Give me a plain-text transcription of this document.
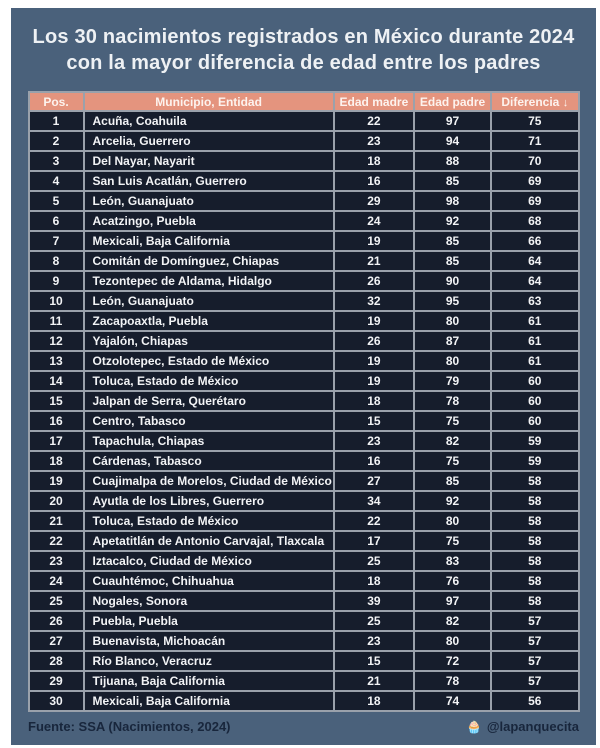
Los 30 nacimientos registrados en México durante 2024
con la mayor diferencia de edad entre los padres
Pos.	Municipio, Entidad	Edad madre	Edad padre	Diferencia ↓
1	Acuña, Coahuila	22	97	75
2	Arcelia, Guerrero	23	94	71
3	Del Nayar, Nayarit	18	88	70
4	San Luis Acatlán, Guerrero	16	85	69
5	León, Guanajuato	29	98	69
6	Acatzingo, Puebla	24	92	68
7	Mexicali, Baja California	19	85	66
8	Comitán de Domínguez, Chiapas	21	85	64
9	Tezontepec de Aldama, Hidalgo	26	90	64
10	León, Guanajuato	32	95	63
11	Zacapoaxtla, Puebla	19	80	61
12	Yajalón, Chiapas	26	87	61
13	Otzolotepec, Estado de México	19	80	61
14	Toluca, Estado de México	19	79	60
15	Jalpan de Serra, Querétaro	18	78	60
16	Centro, Tabasco	15	75	60
17	Tapachula, Chiapas	23	82	59
18	Cárdenas, Tabasco	16	75	59
19	Cuajimalpa de Morelos, Ciudad de México	27	85	58
20	Ayutla de los Libres, Guerrero	34	92	58
21	Toluca, Estado de México	22	80	58
22	Apetatitlán de Antonio Carvajal, Tlaxcala	17	75	58
23	Iztacalco, Ciudad de México	25	83	58
24	Cuauhtémoc, Chihuahua	18	76	58
25	Nogales, Sonora	39	97	58
26	Puebla, Puebla	25	82	57
27	Buenavista, Michoacán	23	80	57
28	Río Blanco, Veracruz	15	72	57
29	Tijuana, Baja California	21	78	57
30	Mexicali, Baja California	18	74	56
Fuente: SSA (Nacimientos, 2024)	🧁 @lapanquecita
